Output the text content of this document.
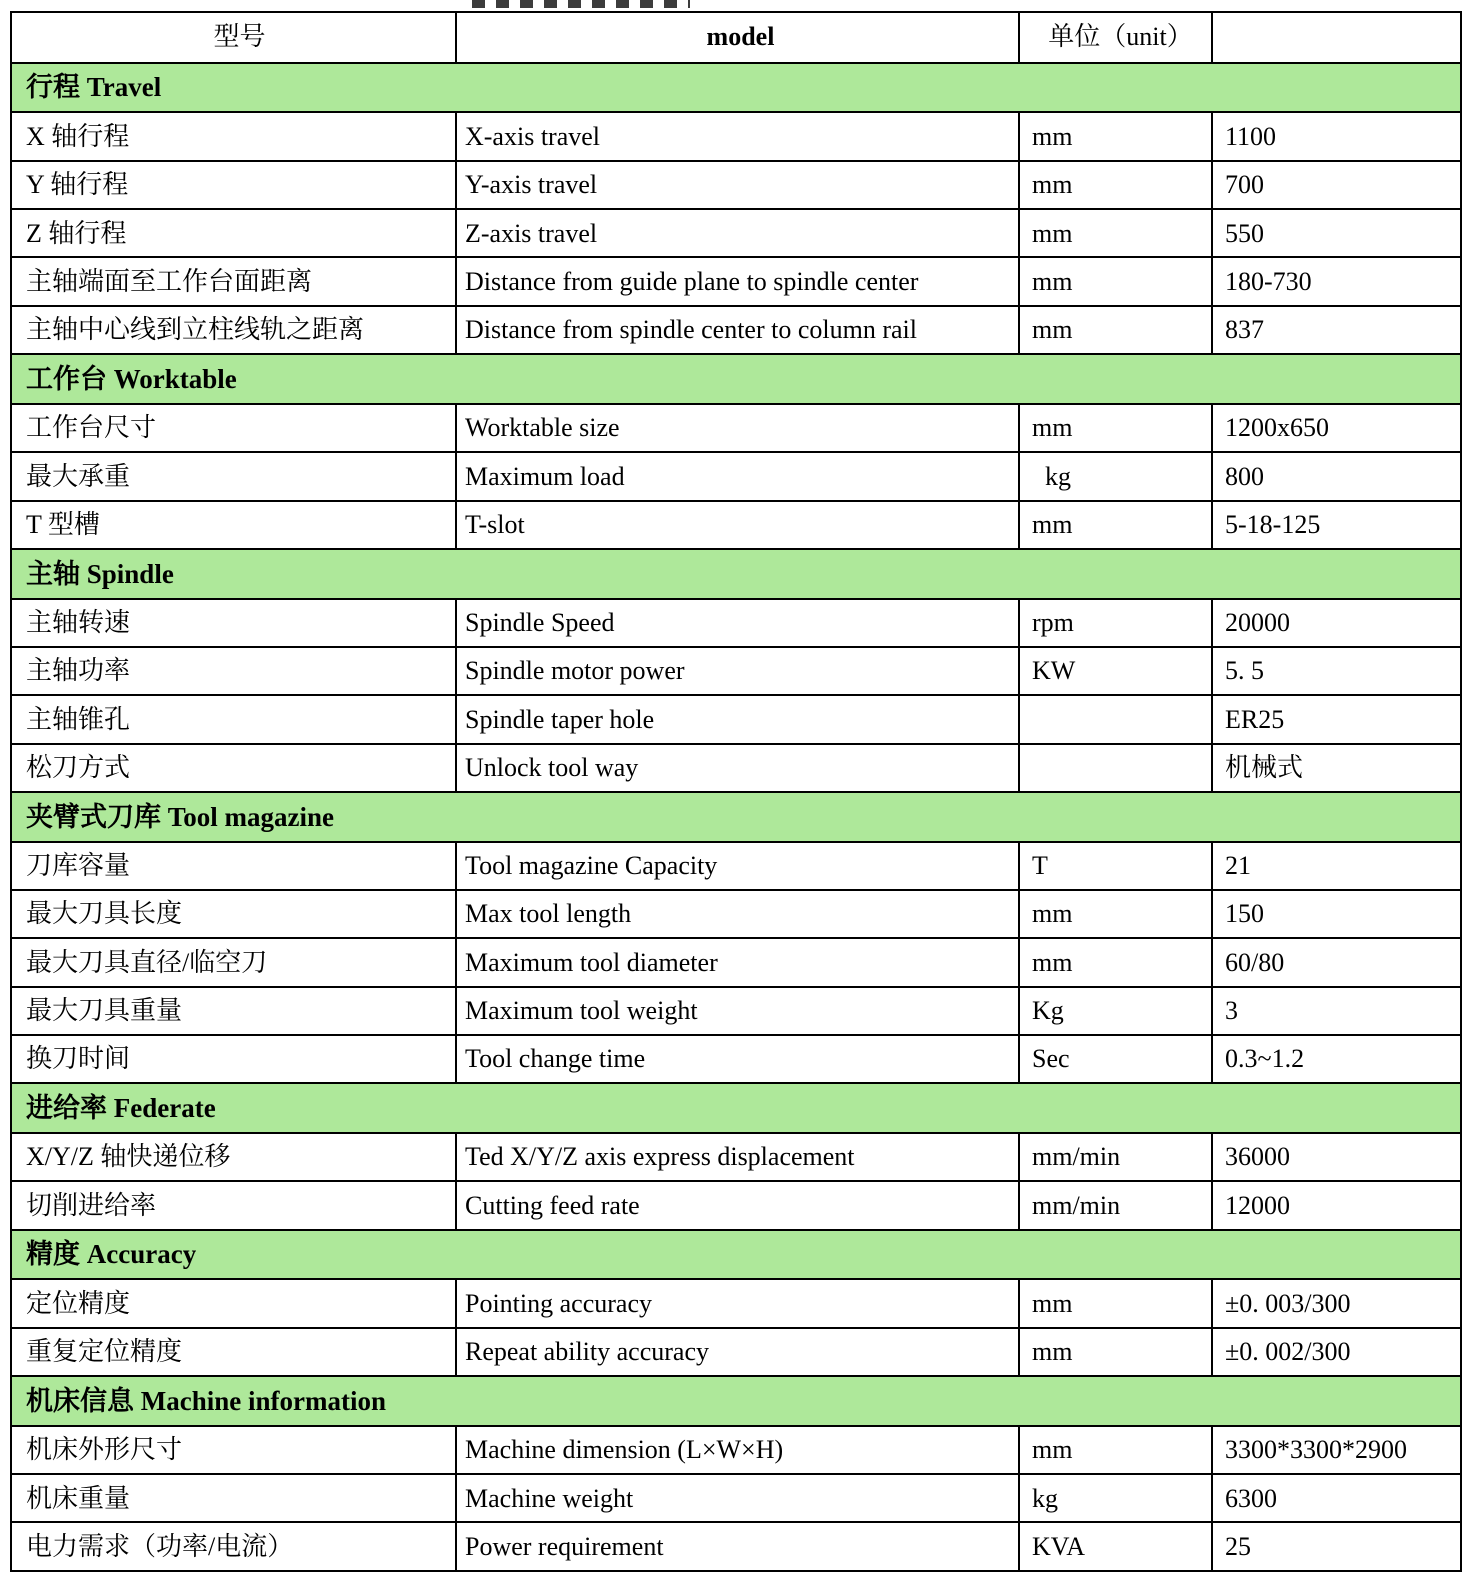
型号	model	单位（unit）	
行程 Travel			
X 轴行程	X-axis travel	mm	1100
Y 轴行程	Y-axis travel	mm	700
Z 轴行程	Z-axis travel	mm	550
主轴端面至工作台面距离	Distance from guide plane to spindle center	mm	180-730
主轴中心线到立柱线轨之距离	Distance from spindle center to column rail	mm	837
工作台 Worktable			
工作台尺寸	Worktable size	mm	1200x650
最大承重	Maximum load	kg	800
T 型槽	T-slot	mm	5-18-125
主轴 Spindle			
主轴转速	Spindle Speed	rpm	20000
主轴功率	Spindle motor power	KW	5. 5
主轴锥孔	Spindle taper hole		ER25
松刀方式	Unlock tool way		机械式
夹臂式刀库 Tool magazine			
刀库容量	Tool magazine Capacity	T	21
最大刀具长度	Max tool length	mm	150
最大刀具直径/临空刀	Maximum tool diameter	mm	60/80
最大刀具重量	Maximum tool weight	Kg	3
换刀时间	Tool change time	Sec	0.3~1.2
进给率 Federate			
X/Y/Z 轴快递位移	Ted X/Y/Z axis express displacement	mm/min	36000
切削进给率	Cutting feed rate	mm/min	12000
精度 Accuracy			
定位精度	Pointing accuracy	mm	±0. 003/300
重复定位精度	Repeat ability accuracy	mm	±0. 002/300
机床信息 Machine information			
机床外形尺寸	Machine dimension (L×W×H)	mm	3300*3300*2900
机床重量	Machine weight	kg	6300
电力需求（功率/电流）	Power requirement	KVA	25
